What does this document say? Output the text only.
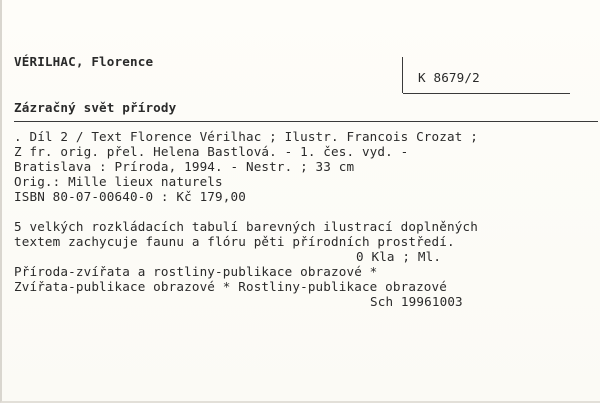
VÉRILHAC, Florence
K 8679/2
Zázračný svět přírody
. Díl 2 / Text Florence Vérilhac ; Ilustr. Francois Crozat ;
Z fr. orig. přel. Helena Bastlová. - 1. čes. vyd. -
Bratislava : Príroda, 1994. - Nestr. ; 33 cm
Orig.: Mille lieux naturels
ISBN 80-07-00640-0 : Kč 179,00
5 velkých rozkládacích tabulí barevných ilustrací doplněných
textem zachycuje faunu a flóru pěti přírodních prostředí.
0 Kla ; Ml.
Příroda-zvířata a rostliny-publikace obrazové *
Zvířata-publikace obrazové * Rostliny-publikace obrazové
Sch 19961003
